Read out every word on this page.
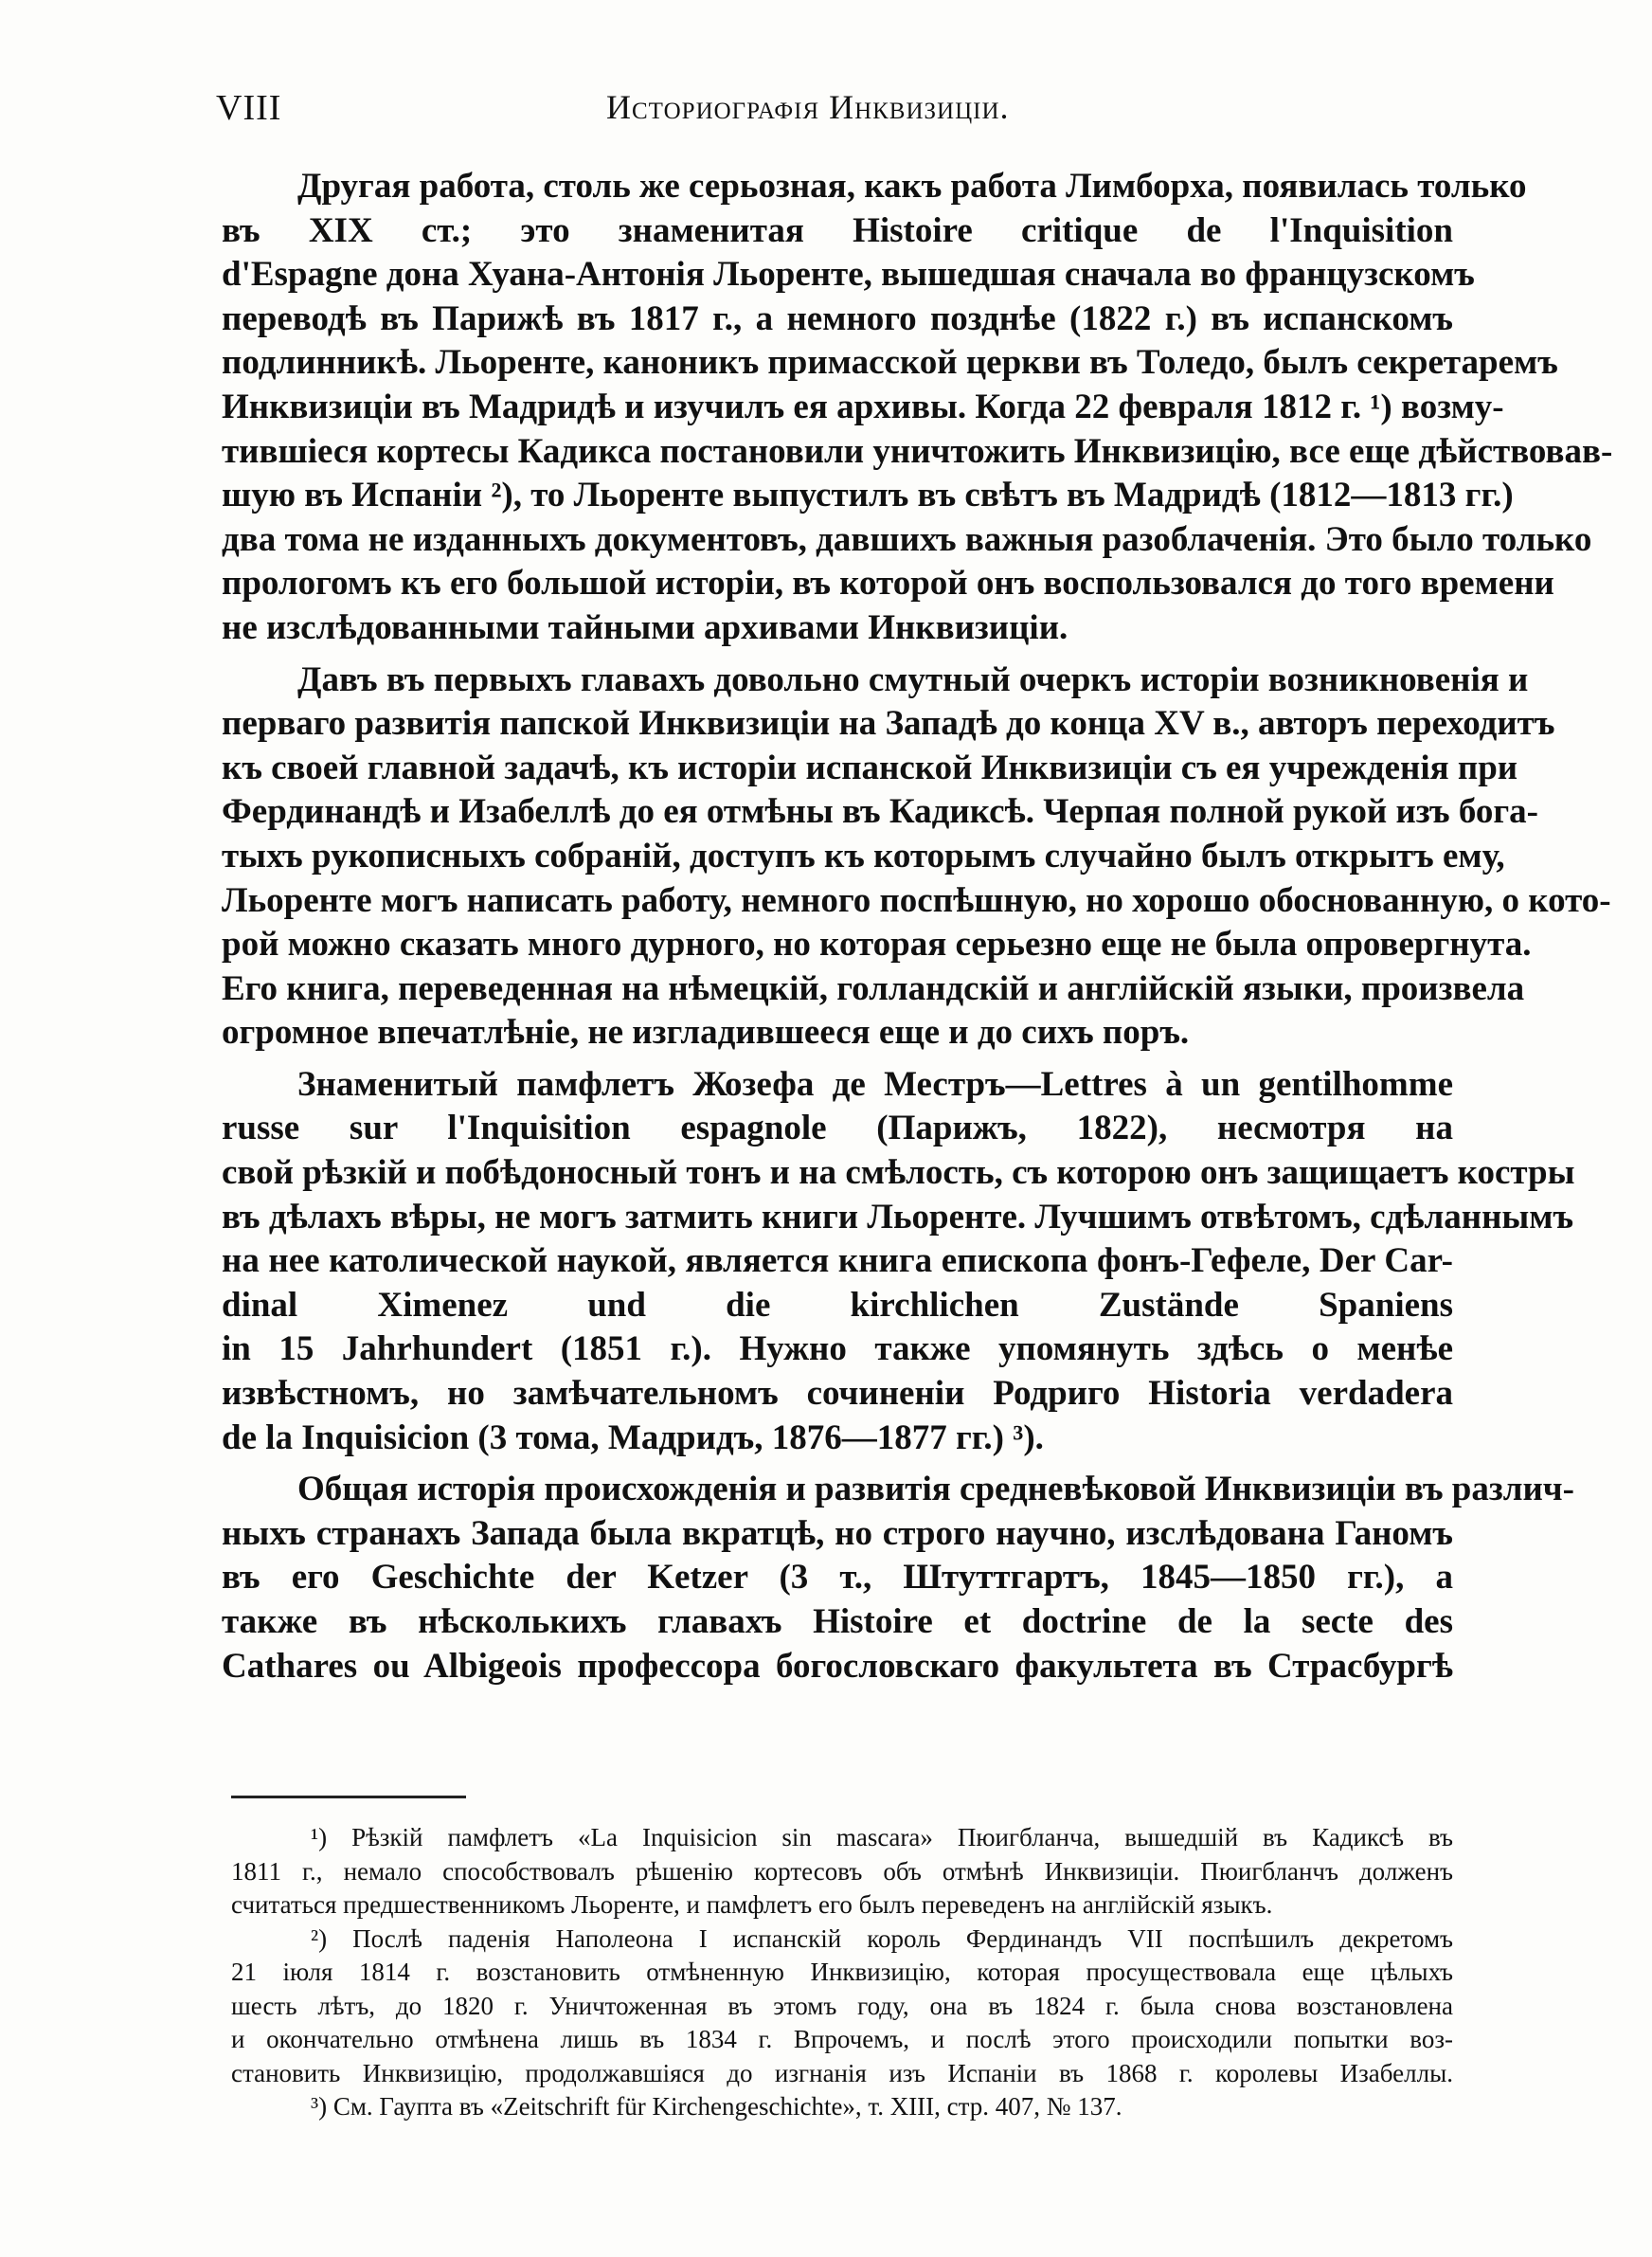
VIII	Историографія Инквизиціи.
Другая работа, столь же серьозная, какъ работа Лимборха, появилась только
въ XIX ст.; это знаменитая Histoire critique de l'Inquisition
d'Espagne дона Хуана-Антонія Льоренте, вышедшая сначала во французскомъ
переводѣ въ Парижѣ въ 1817 г., а немного позднѣе (1822 г.) въ испанскомъ
подлинникѣ. Льоренте, каноникъ примасской церкви въ Толедо, былъ секретаремъ
Инквизиціи въ Мадридѣ и изучилъ ея архивы. Когда 22 февраля 1812 г. ¹) возму-
тившіеся кортесы Кадикса постановили уничтожить Инквизицію, все еще дѣйствовав-
шую въ Испаніи ²), то Льоренте выпустилъ въ свѣтъ въ Мадридѣ (1812—1813 гг.)
два тома не изданныхъ документовъ, давшихъ важныя разоблаченія. Это было только
прологомъ къ его большой исторіи, въ которой онъ воспользовался до того времени
не изслѣдованными тайными архивами Инквизиціи.
Давъ въ первыхъ главахъ довольно смутный очеркъ исторіи возникновенія и
перваго развитія папской Инквизиціи на Западѣ до конца XV в., авторъ переходитъ
къ своей главной задачѣ, къ исторіи испанской Инквизиціи съ ея учрежденія при
Фердинандѣ и Изабеллѣ до ея отмѣны въ Кадиксѣ. Черпая полной рукой изъ бога-
тыхъ рукописныхъ собраній, доступъ къ которымъ случайно былъ открытъ ему,
Льоренте могъ написать работу, немного поспѣшную, но хорошо обоснованную, о кото-
рой можно сказать много дурного, но которая серьезно еще не была опровергнута.
Его книга, переведенная на нѣмецкій, голландскій и англійскій языки, произвела
огромное впечатлѣніе, не изгладившееся еще и до сихъ поръ.
Знаменитый памфлетъ Жозефа де Местръ—Lettres à un gentilhomme
russe sur l'Inquisition espagnole (Парижъ, 1822), несмотря на
свой рѣзкій и побѣдоносный тонъ и на смѣлость, съ которою онъ защищаетъ костры
въ дѣлахъ вѣры, не могъ затмить книги Льоренте. Лучшимъ отвѣтомъ, сдѣланнымъ
на нее католической наукой, является книга епископа фонъ-Гефеле, Der Car-
dinal Ximenez und die kirchlichen Zustände Spaniens
in 15 Jahrhundert (1851 г.). Нужно также упомянуть здѣсь о менѣе
извѣстномъ, но замѣчательномъ сочиненіи Родриго Historia verdadera
de la Inquisicion (3 тома, Мадридъ, 1876—1877 гг.) ³).
Общая исторія происхожденія и развитія средневѣковой Инквизиціи въ различ-
ныхъ странахъ Запада была вкратцѣ, но строго научно, изслѣдована Ганомъ
въ его Geschichte der Ketzer (3 т., Штуттгартъ, 1845—1850 гг.), а
также въ нѣсколькихъ главахъ Histoire et doctrine de la secte des
Cathares ou Albigeois профессора богословскаго факультета въ Страсбургѣ
¹) Рѣзкій памфлетъ «La Inquisicion sin mascara» Пюигбланча, вышедшій въ Кадиксѣ въ
1811 г., немало способствовалъ рѣшенію кортесовъ объ отмѣнѣ Инквизиціи. Пюигбланчъ долженъ
считаться предшественникомъ Льоренте, и памфлетъ его былъ переведенъ на англійскій языкъ.
²) Послѣ паденія Наполеона I испанскій король Фердинандъ VII поспѣшилъ декретомъ
21 іюля 1814 г. возстановить отмѣненную Инквизицію, которая просуществовала еще цѣлыхъ
шесть лѣтъ, до 1820 г. Уничтоженная въ этомъ году, она въ 1824 г. была снова возстановлена
и окончательно отмѣнена лишь въ 1834 г. Впрочемъ, и послѣ этого происходили попытки воз-
становить Инквизицію, продолжавшіяся до изгнанія изъ Испаніи въ 1868 г. королевы Изабеллы.
³) См. Гаупта въ «Zeitschrift für Kirchengeschichte», т. XIII, стр. 407, № 137.
